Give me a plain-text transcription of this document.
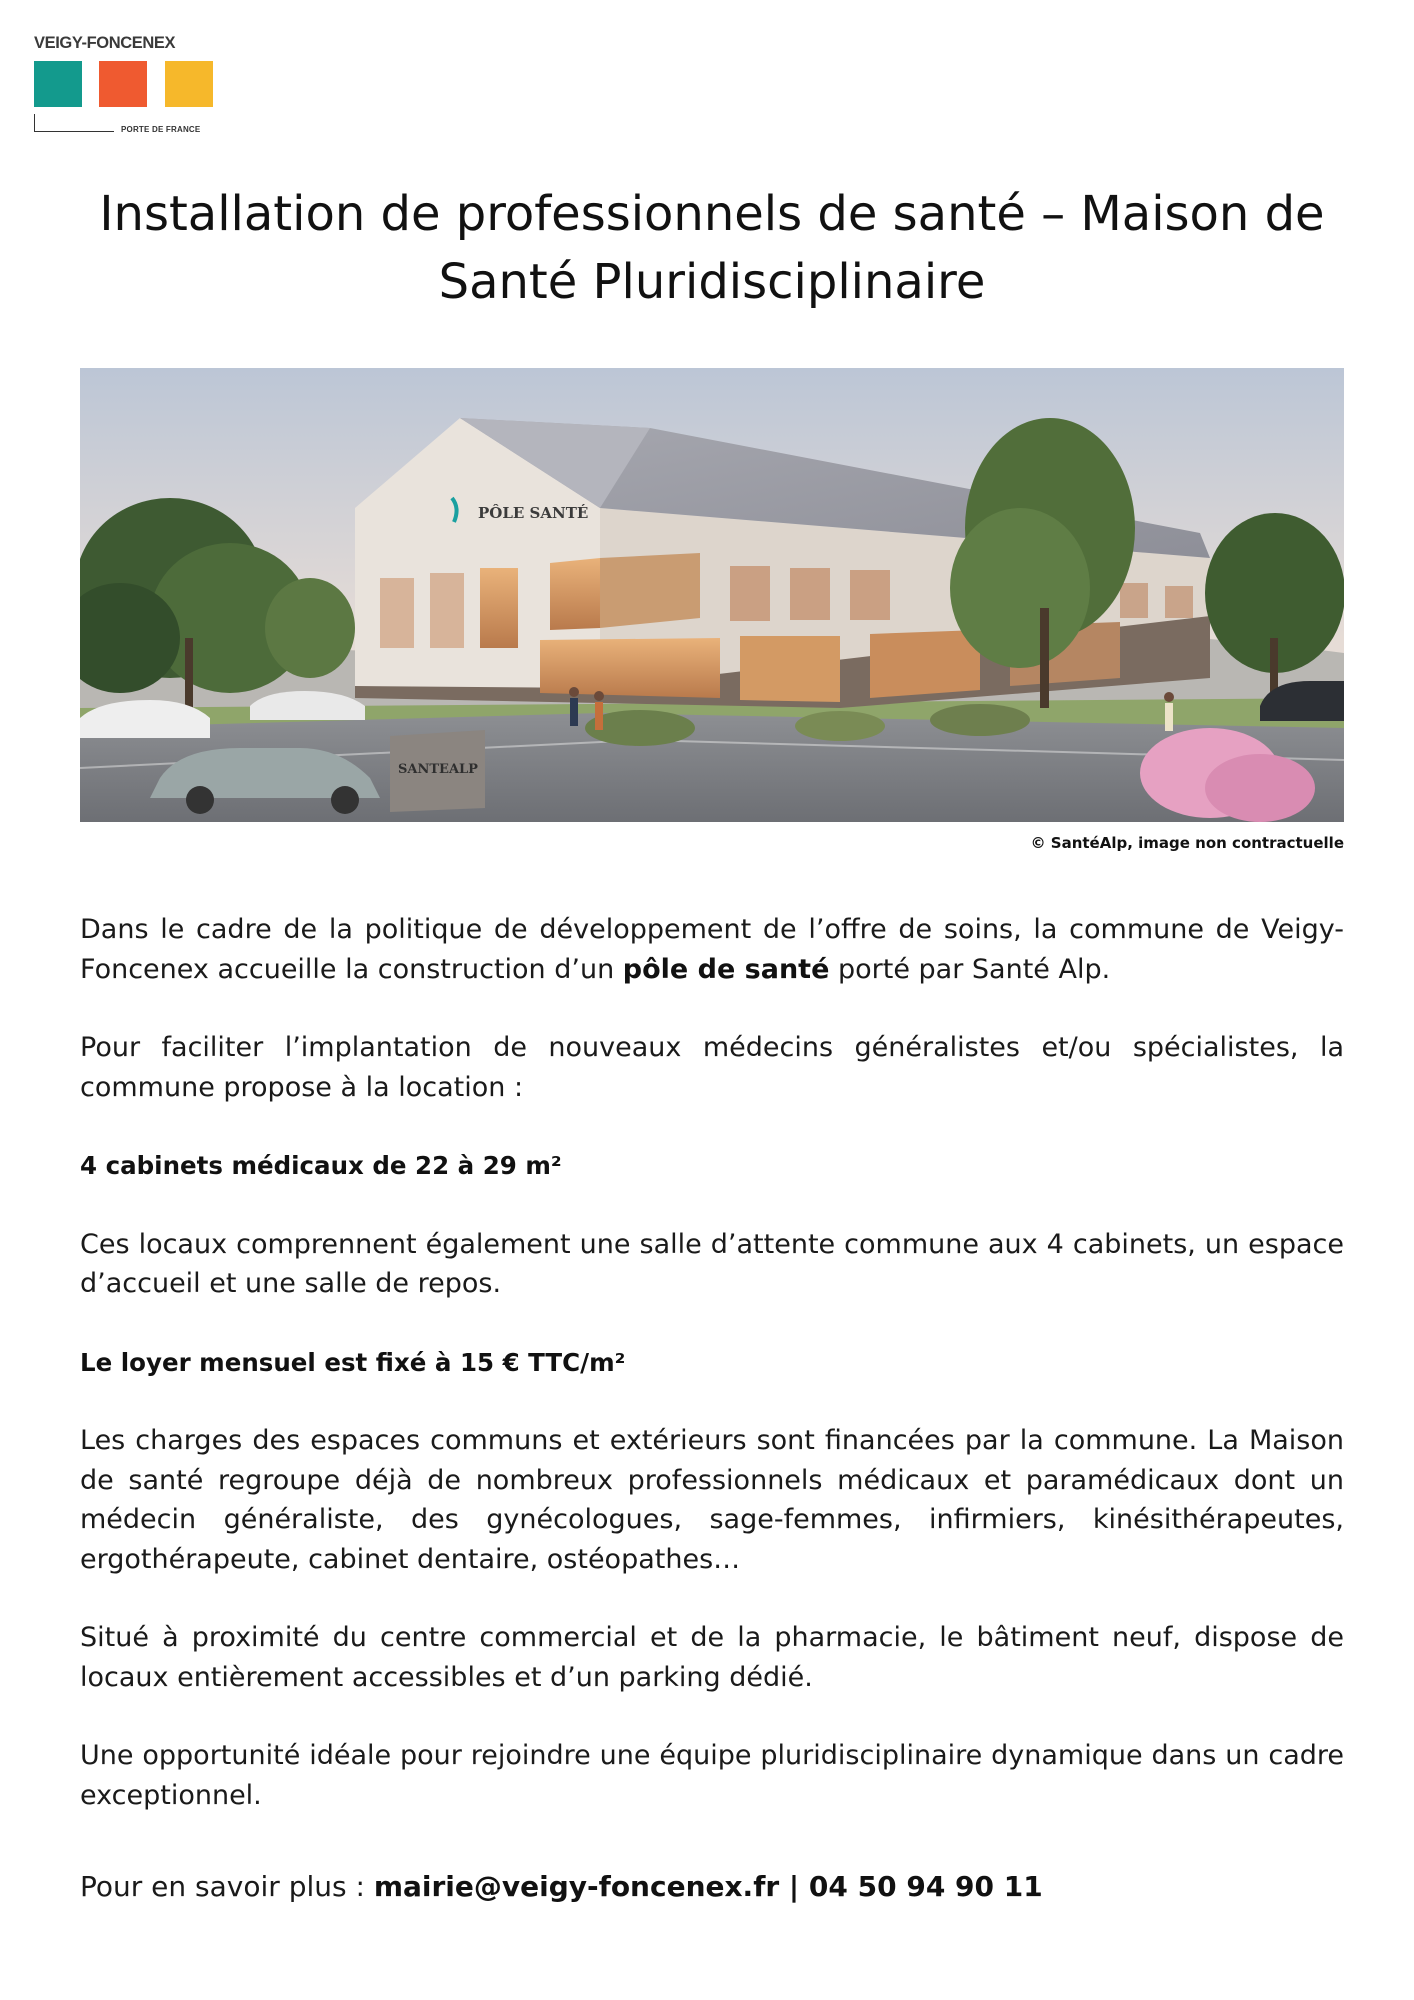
VEIGY-FONCENEX
PORTE DE FRANCE
Installation de professionnels de santé – Maison de Santé Pluridisciplinaire
PÔLE SANTÉ
SANTEALP
© SantéAlp, image non contractuelle

Dans le cadre de la politique de développement de l’offre de soins, la commune de Veigy-Foncenex accueille la construction d’un pôle de santé porté par Santé Alp.

Pour faciliter l’implantation de nouveaux médecins généralistes et/ou spécialistes, la commune propose à la location :

4 cabinets médicaux de 22 à 29 m²

Ces locaux comprennent également une salle d’attente commune aux 4 cabinets, un espace d’accueil et une salle de repos.

Le loyer mensuel est fixé à 15 € TTC/m²

Les charges des espaces communs et extérieurs sont financées par la commune. La Maison de santé regroupe déjà de nombreux professionnels médicaux et paramédicaux dont un médecin généraliste, des gynécologues, sage-femmes, infirmiers, kinésithérapeutes, ergothérapeute, cabinet dentaire, ostéopathes…

Situé à proximité du centre commercial et de la pharmacie, le bâtiment neuf, dispose de locaux entièrement accessibles et d’un parking dédié.

Une opportunité idéale pour rejoindre une équipe pluridisciplinaire dynamique dans un cadre exceptionnel.

Pour en savoir plus : mairie@veigy-foncenex.fr | 04 50 94 90 11
